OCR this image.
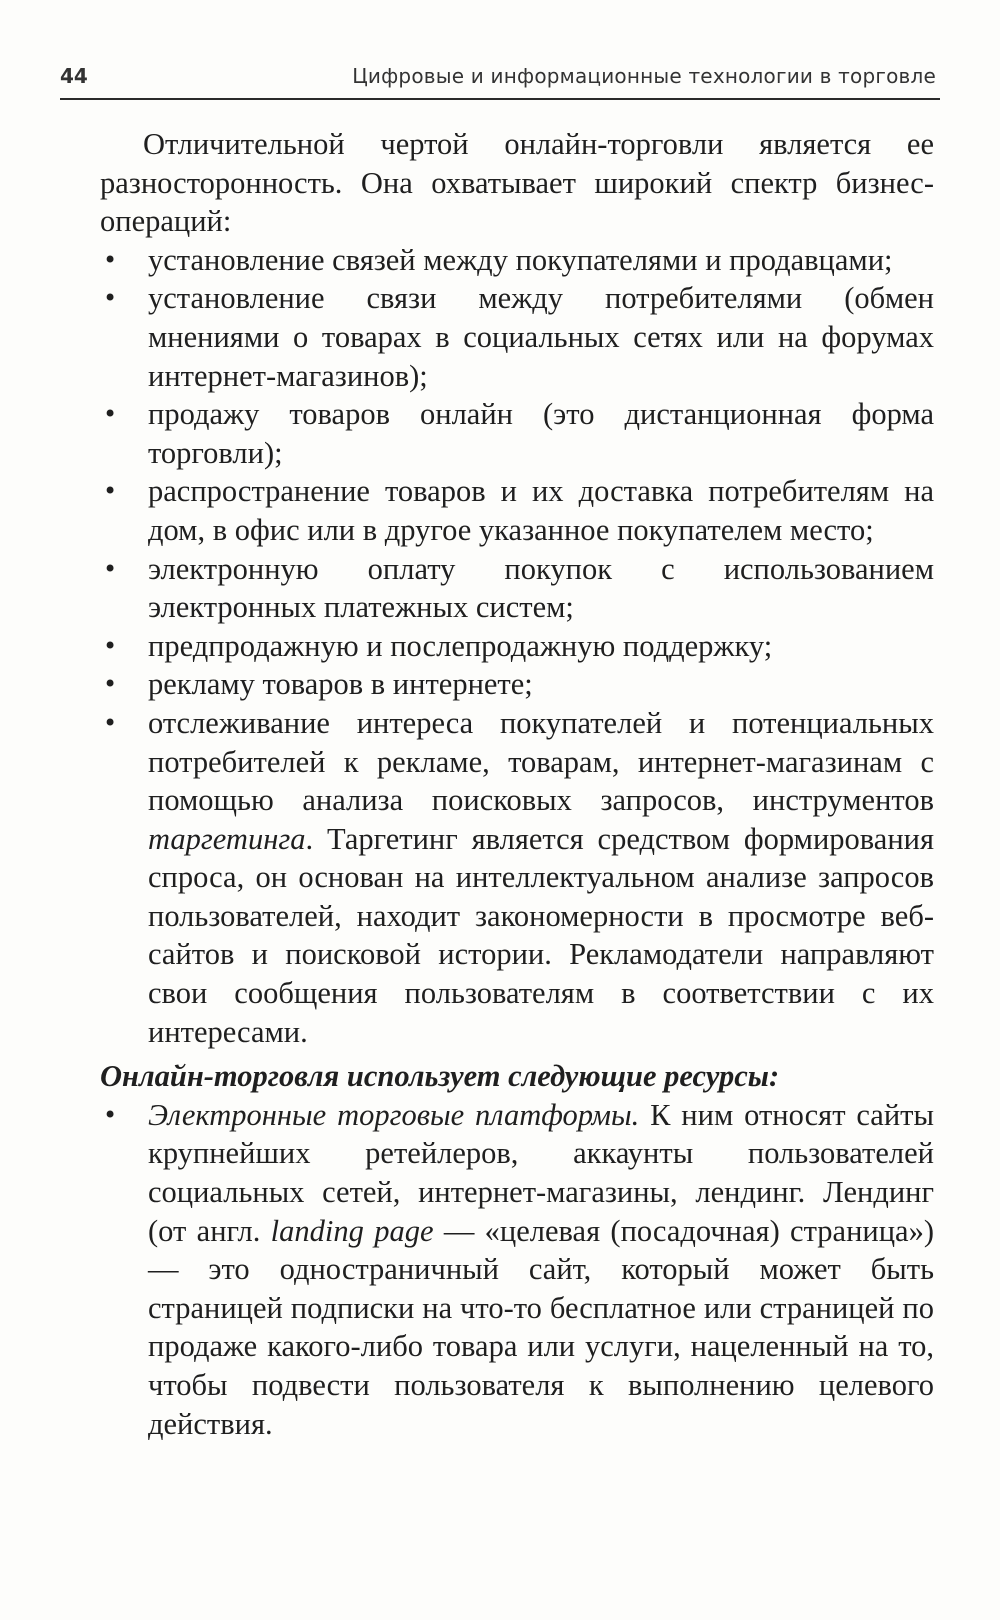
44	Цифровые и информационные технологии в торговле

Отличительной чертой онлайн-торговли является ее разносторонность. Она охватывает широкий спектр бизнес-операций:

• установление связей между покупателями и продавцами;
• установление связи между потребителями (обмен мнениями о товарах в социальных сетях или на форумах интернет-магазинов);
• продажу товаров онлайн (это дистанционная форма торговли);
• распространение товаров и их доставка потребителям на дом, в офис или в другое указанное покупателем место;
• электронную оплату покупок с использованием электронных платежных систем;
• предпродажную и послепродажную поддержку;
• рекламу товаров в интернете;
• отслеживание интереса покупателей и потенциальных потребителей к рекламе, товарам, интернет-магазинам с помощью анализа поисковых запросов, инструментов таргетинга. Таргетинг является средством формирования спроса, он основан на интеллектуальном анализе запросов пользователей, находит закономерности в просмотре веб-сайтов и поисковой истории. Рекламодатели направляют свои сообщения пользователям в соответствии с их интересами.

Онлайн-торговля использует следующие ресурсы:

• Электронные торговые платформы. К ним относят сайты крупнейших ретейлеров, аккаунты пользователей социальных сетей, интернет-магазины, лендинг. Лендинг (от англ. landing page — «целевая (посадочная) страница») — это одностраничный сайт, который может быть страницей подписки на что-то бесплатное или страницей по продаже какого-либо товара или услуги, нацеленный на то, чтобы подвести пользователя к выполнению целевого действия.
